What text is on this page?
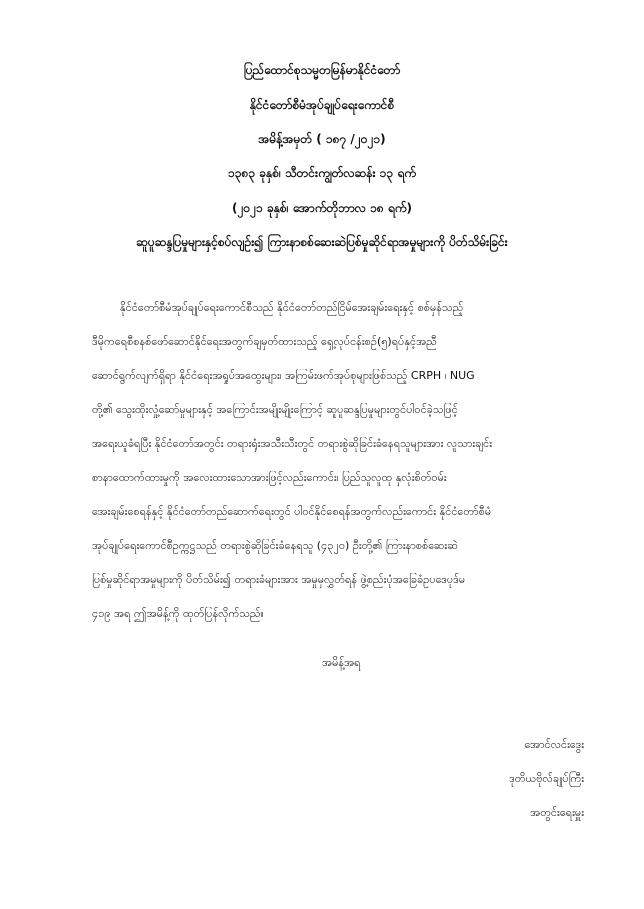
ပြည်ထောင်စုသမ္မတမြန်မာနိုင်ငံတော်
နိုင်ငံတော်စီမံအုပ်ချုပ်ရေးကောင်စီ
အမိန့်အမှတ် ( ၁၈၇ /၂၀၂၁)
၁၃၈၃ ခုနှစ်၊ သီတင်းကျွတ်လဆန်း ၁၃ ရက်
(၂၀၂၁ ခုနှစ်၊ အောက်တိုဘာလ ၁၈ ရက်)
ဆူပူဆန္ဒပြမှုများနှင့်စပ်လျဉ်း၍ ကြားနာစစ်ဆေးဆဲပြစ်မှုဆိုင်ရာအမှုများကို ပိတ်သိမ်းခြင်း
နိုင်ငံတော်စီမံအုပ်ချုပ်ရေးကောင်စီသည် နိုင်ငံတော်တည်ငြိမ်အေးချမ်းရေးနှင့် စစ်မှန်သည့်
ဒီမိုကရေစီစနစ်ဖော်ဆောင်နိုင်ရေးအတွက်ချမှတ်ထားသည့် ရှေ့လုပ်ငန်းစဉ်(၅)ရပ်နှင့်အညီ
ဆောင်ရွက်လျက်ရှိရာ နိုင်ငံရေးအရှုပ်အထွေးများ၊ အကြမ်းဖက်အုပ်စုများဖြစ်သည့် CRPH ၊ NUG
တို့၏ သွေးထိုးလှုံ့ဆော်မှုများနှင့် အကြောင်းအမျိုးမျိုးကြောင့် ဆူပူဆန္ဒပြမှုများတွင်ပါဝင်ခဲ့သဖြင့်
အရေးယူခံရပြီး နိုင်ငံတော်အတွင်း တရားရုံးအသီးသီးတွင် တရားစွဲဆိုခြင်းခံနေရသူများအား လူသားချင်း
စာနာထောက်ထားမှုကို အလေးထားသောအားဖြင့်လည်းကောင်း၊ ပြည်သူလူထု နှလုံးစိတ်ဝမ်း
အေးချမ်းစေရန်နှင့် နိုင်ငံတော်တည်ဆောက်ရေးတွင် ပါဝင်နိုင်စေရန်အတွက်လည်းကောင်း နိုင်ငံတော်စီမံ
အုပ်ချုပ်ရေးကောင်စီဥက္ကဋ္ဌသည် တရားစွဲဆိုခြင်းခံနေရသူ (၄၃၂၀) ဦးတို့၏ ကြားနာစစ်ဆေးဆဲ
ပြစ်မှုဆိုင်ရာအမှုများကို ပိတ်သိမ်း၍ တရားခံများအား အမှုမှလွှတ်ရန် ဖွဲ့စည်းပုံအခြေခံဥပဒေပုဒ်မ
၄၁၉ အရ ဤအမိန့်ကို ထုတ်ပြန်လိုက်သည်။
အမိန့်အရ
အောင်လင်းဒွေး
ဒုတိယဗိုလ်ချုပ်ကြီး
အတွင်းရေးမှူး
